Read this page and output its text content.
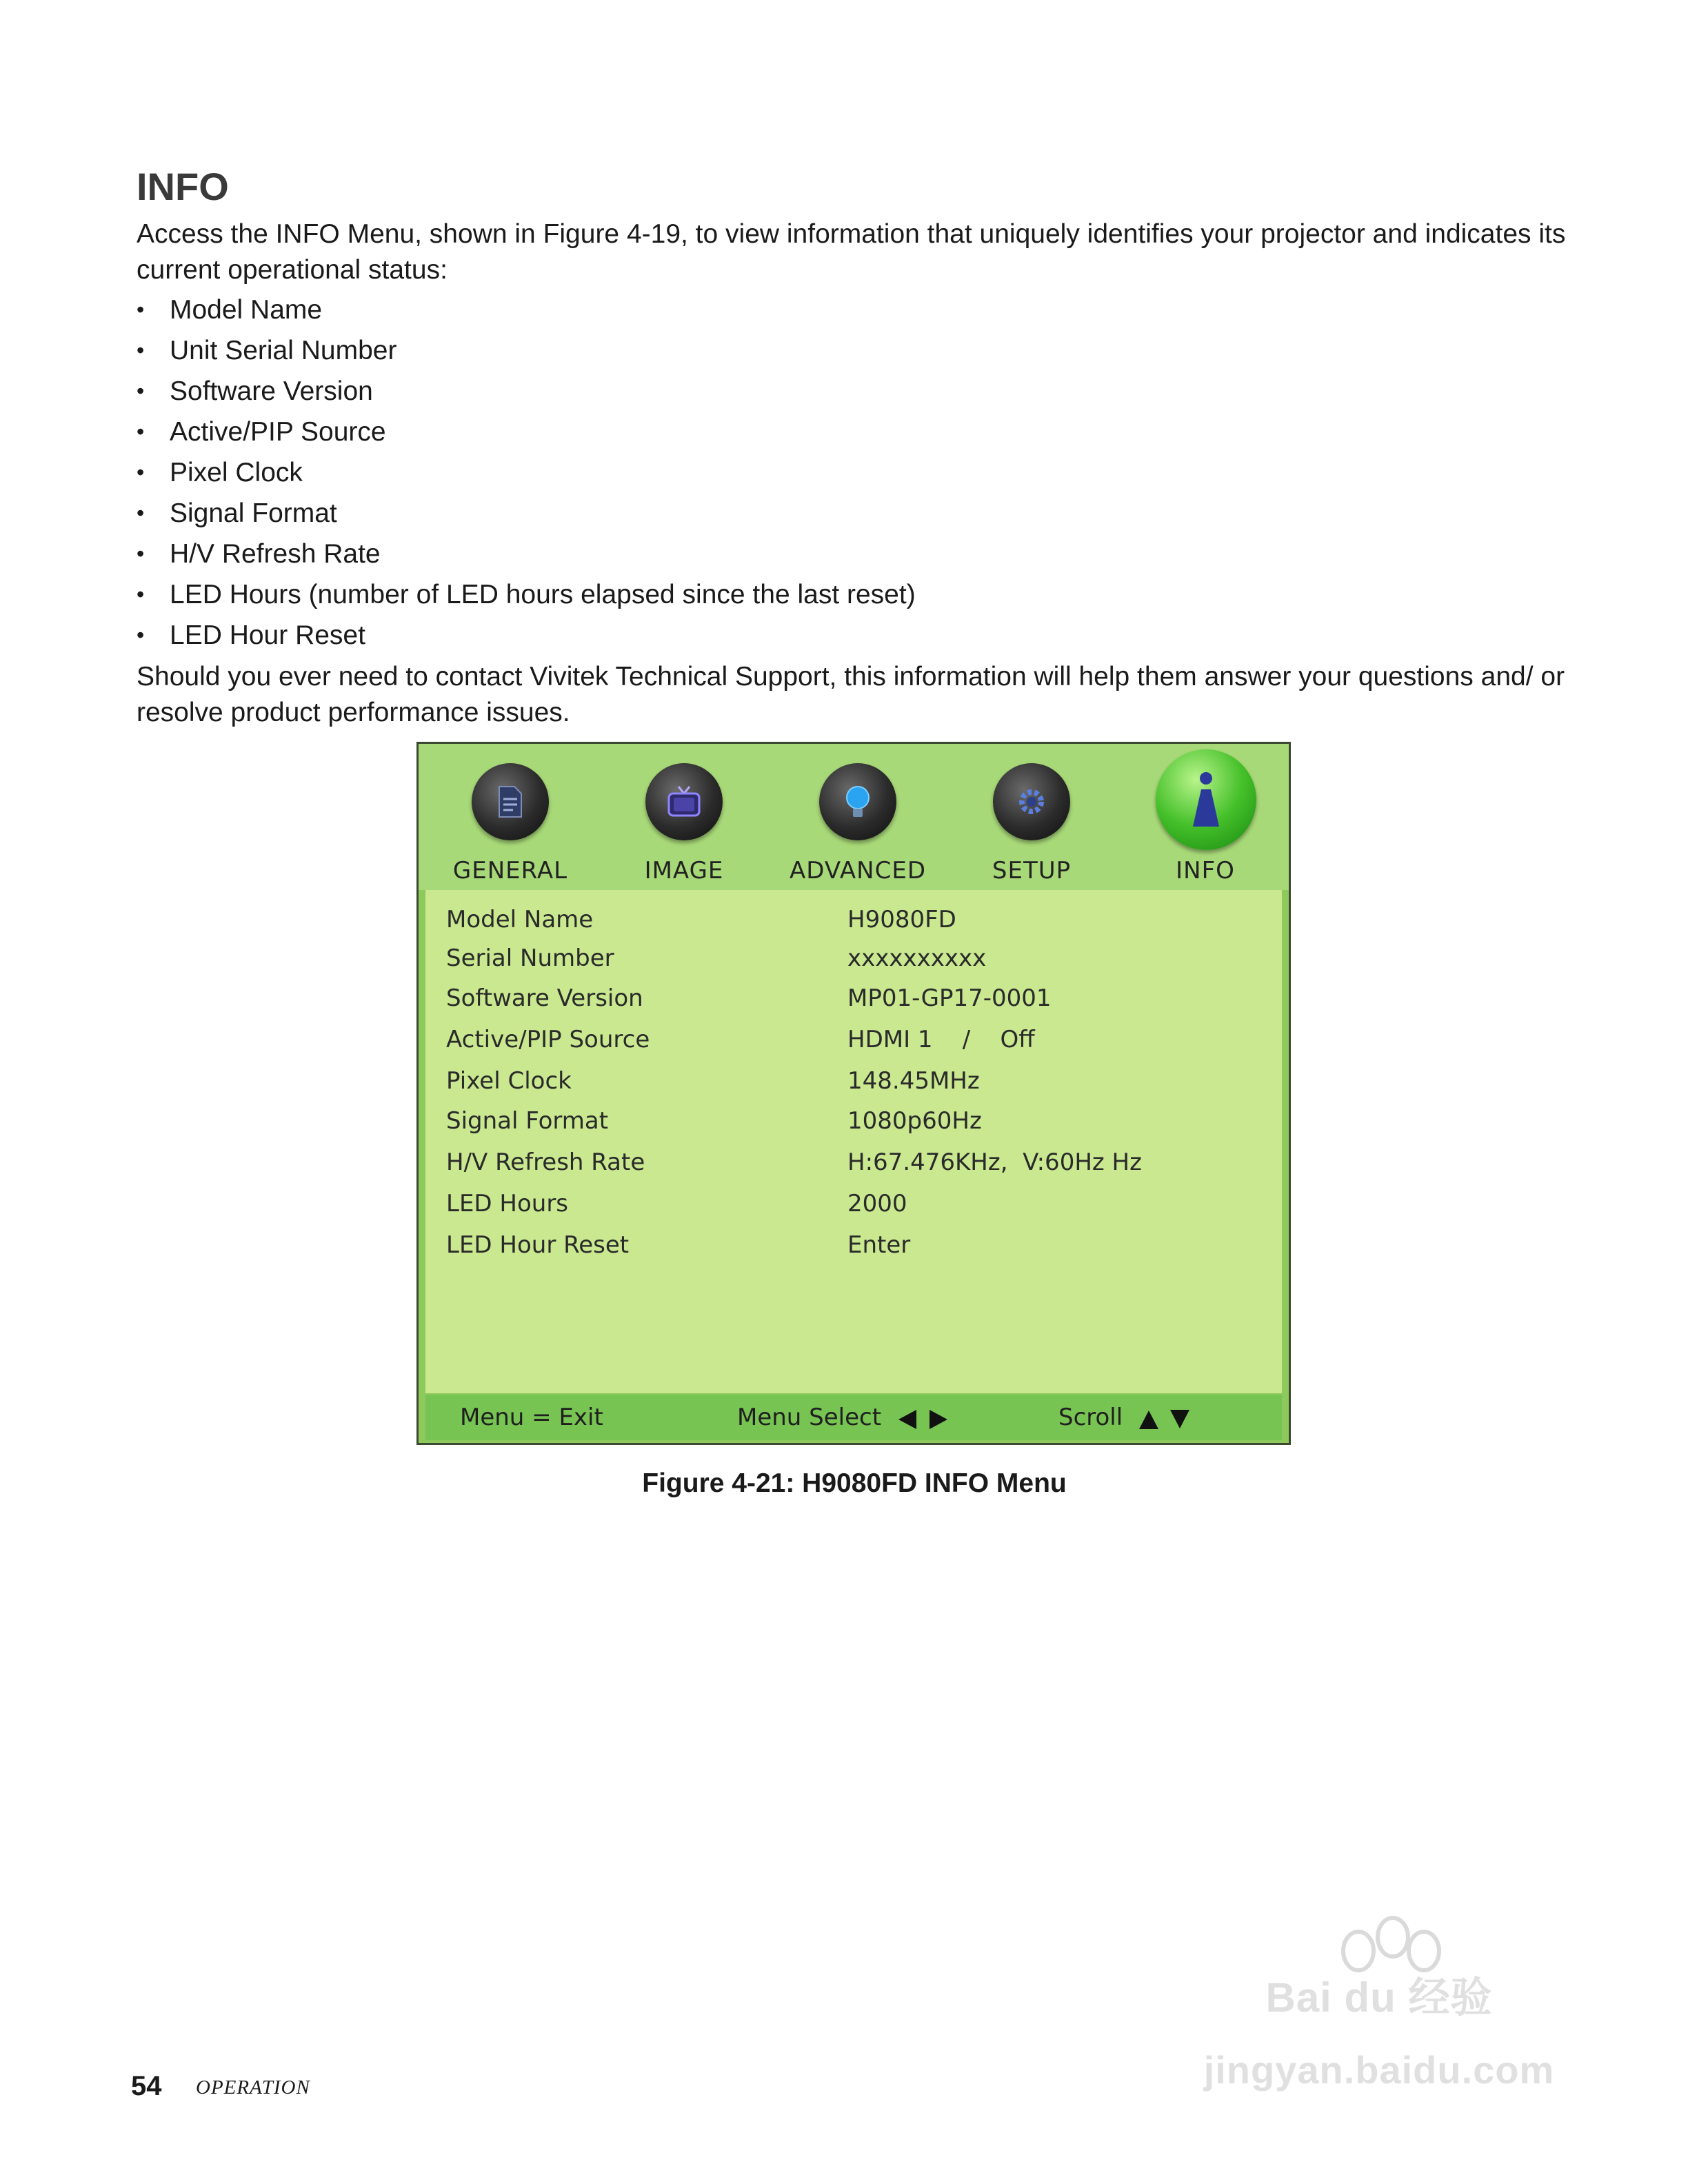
INFO

Access the INFO Menu, shown in Figure 4-19, to view information that uniquely identifies your projector and indicates its current operational status:

• Model Name
• Unit Serial Number
• Software Version
• Active/PIP Source
• Pixel Clock
• Signal Format
• H/V Refresh Rate
• LED Hours (number of LED hours elapsed since the last reset)
• LED Hour Reset

Should you ever need to contact Vivitek Technical Support, this information will help them answer your questions and/ or resolve product performance issues.

GENERAL	IMAGE	ADVANCED	SETUP	INFO
Model Name	H9080FD
Serial Number	xxxxxxxxxx
Software Version	MP01-GP17-0001
Active/PIP Source	HDMI 1    /    Off
Pixel Clock	148.45MHz
Signal Format	1080p60Hz
H/V Refresh Rate	H:67.476KHz,  V:60Hz Hz
LED Hours	2000
LED Hour Reset	Enter
Menu = Exit	Menu Select	Scroll
Figure 4-21: H9080FD INFO Menu
54 OPERATION
Bai du 经验
jingyan.baidu.com
